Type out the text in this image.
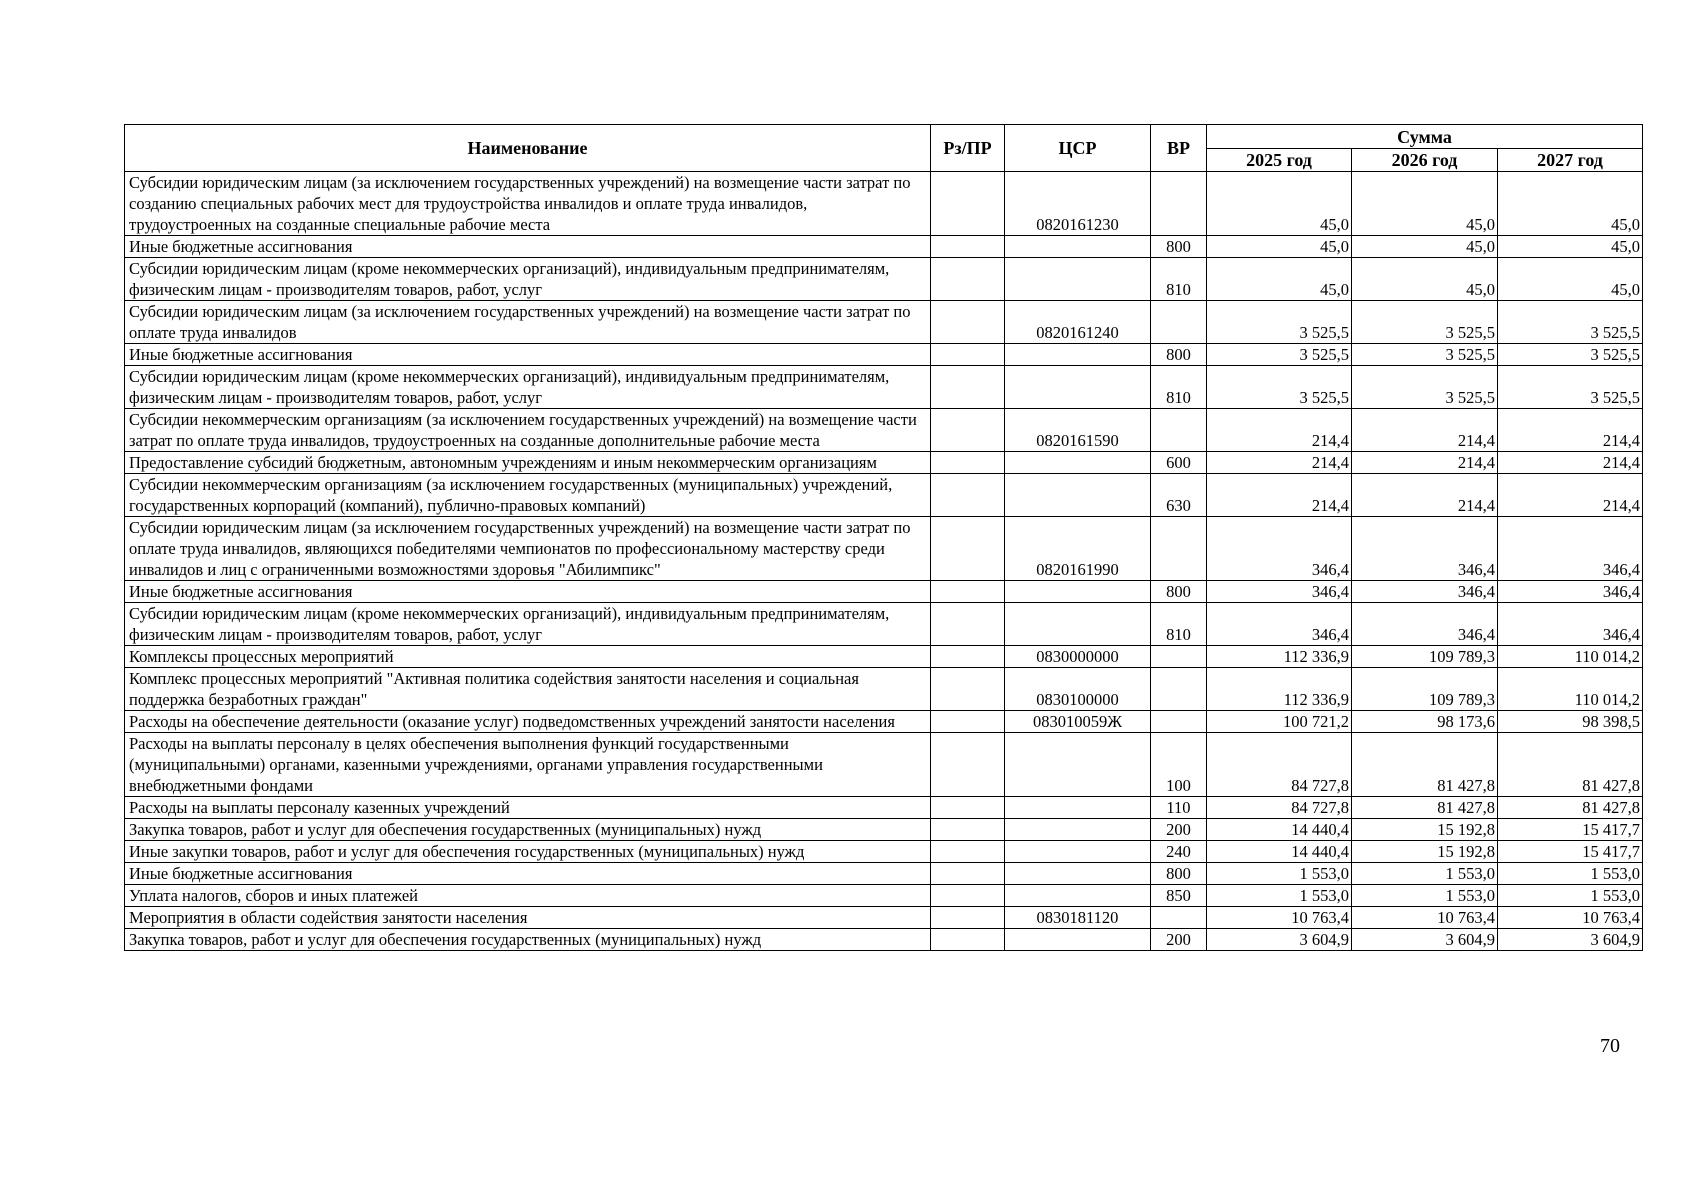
Наименование	Рз/ПР	ЦСР	ВР	Сумма		
				2025 год	2026 год	2027 год
Субсидии юридическим лицам (за исключением государственных учреждений) на возмещение части затрат по созданию специальных рабочих мест для трудоустройства инвалидов и оплате труда инвалидов, трудоустроенных на созданные специальные рабочие места		0820161230		45,0	45,0	45,0
Иные бюджетные ассигнования			800	45,0	45,0	45,0
Субсидии юридическим лицам (кроме некоммерческих организаций), индивидуальным предпринимателям, физическим лицам - производителям товаров, работ, услуг			810	45,0	45,0	45,0
Субсидии юридическим лицам (за исключением государственных учреждений) на возмещение части затрат по оплате труда инвалидов		0820161240		3 525,5	3 525,5	3 525,5
Иные бюджетные ассигнования			800	3 525,5	3 525,5	3 525,5
Субсидии юридическим лицам (кроме некоммерческих организаций), индивидуальным предпринимателям, физическим лицам - производителям товаров, работ, услуг			810	3 525,5	3 525,5	3 525,5
Субсидии некоммерческим организациям (за исключением государственных учреждений) на возмещение части затрат по оплате труда инвалидов, трудоустроенных на созданные дополнительные рабочие места		0820161590		214,4	214,4	214,4
Предоставление субсидий бюджетным, автономным учреждениям и иным некоммерческим организациям			600	214,4	214,4	214,4
Субсидии некоммерческим организациям (за исключением государственных (муниципальных) учреждений, государственных корпораций (компаний), публично-правовых компаний)			630	214,4	214,4	214,4
Субсидии юридическим лицам (за исключением государственных учреждений) на возмещение части затрат по оплате труда инвалидов, являющихся победителями чемпионатов по профессиональному мастерству среди инвалидов и лиц с ограниченными возможностями здоровья "Абилимпикс"		0820161990		346,4	346,4	346,4
Иные бюджетные ассигнования			800	346,4	346,4	346,4
Субсидии юридическим лицам (кроме некоммерческих организаций), индивидуальным предпринимателям, физическим лицам - производителям товаров, работ, услуг			810	346,4	346,4	346,4
Комплексы процессных мероприятий		0830000000		112 336,9	109 789,3	110 014,2
Комплекс процессных мероприятий "Активная политика содействия занятости населения и социальная поддержка безработных граждан"		0830100000		112 336,9	109 789,3	110 014,2
Расходы на обеспечение деятельности (оказание услуг) подведомственных учреждений занятости населения		083010059Ж		100 721,2	98 173,6	98 398,5
Расходы на выплаты персоналу в целях обеспечения выполнения функций государственными (муниципальными) органами, казенными учреждениями, органами управления государственными внебюджетными фондами			100	84 727,8	81 427,8	81 427,8
Расходы на выплаты персоналу казенных учреждений			110	84 727,8	81 427,8	81 427,8
Закупка товаров, работ и услуг для обеспечения государственных (муниципальных) нужд			200	14 440,4	15 192,8	15 417,7
Иные закупки товаров, работ и услуг для обеспечения государственных (муниципальных) нужд			240	14 440,4	15 192,8	15 417,7
Иные бюджетные ассигнования			800	1 553,0	1 553,0	1 553,0
Уплата налогов, сборов и иных платежей			850	1 553,0	1 553,0	1 553,0
Мероприятия в области содействия занятости населения		0830181120		10 763,4	10 763,4	10 763,4
Закупка товаров, работ и услуг для обеспечения государственных (муниципальных) нужд			200	3 604,9	3 604,9	3 604,9
70
